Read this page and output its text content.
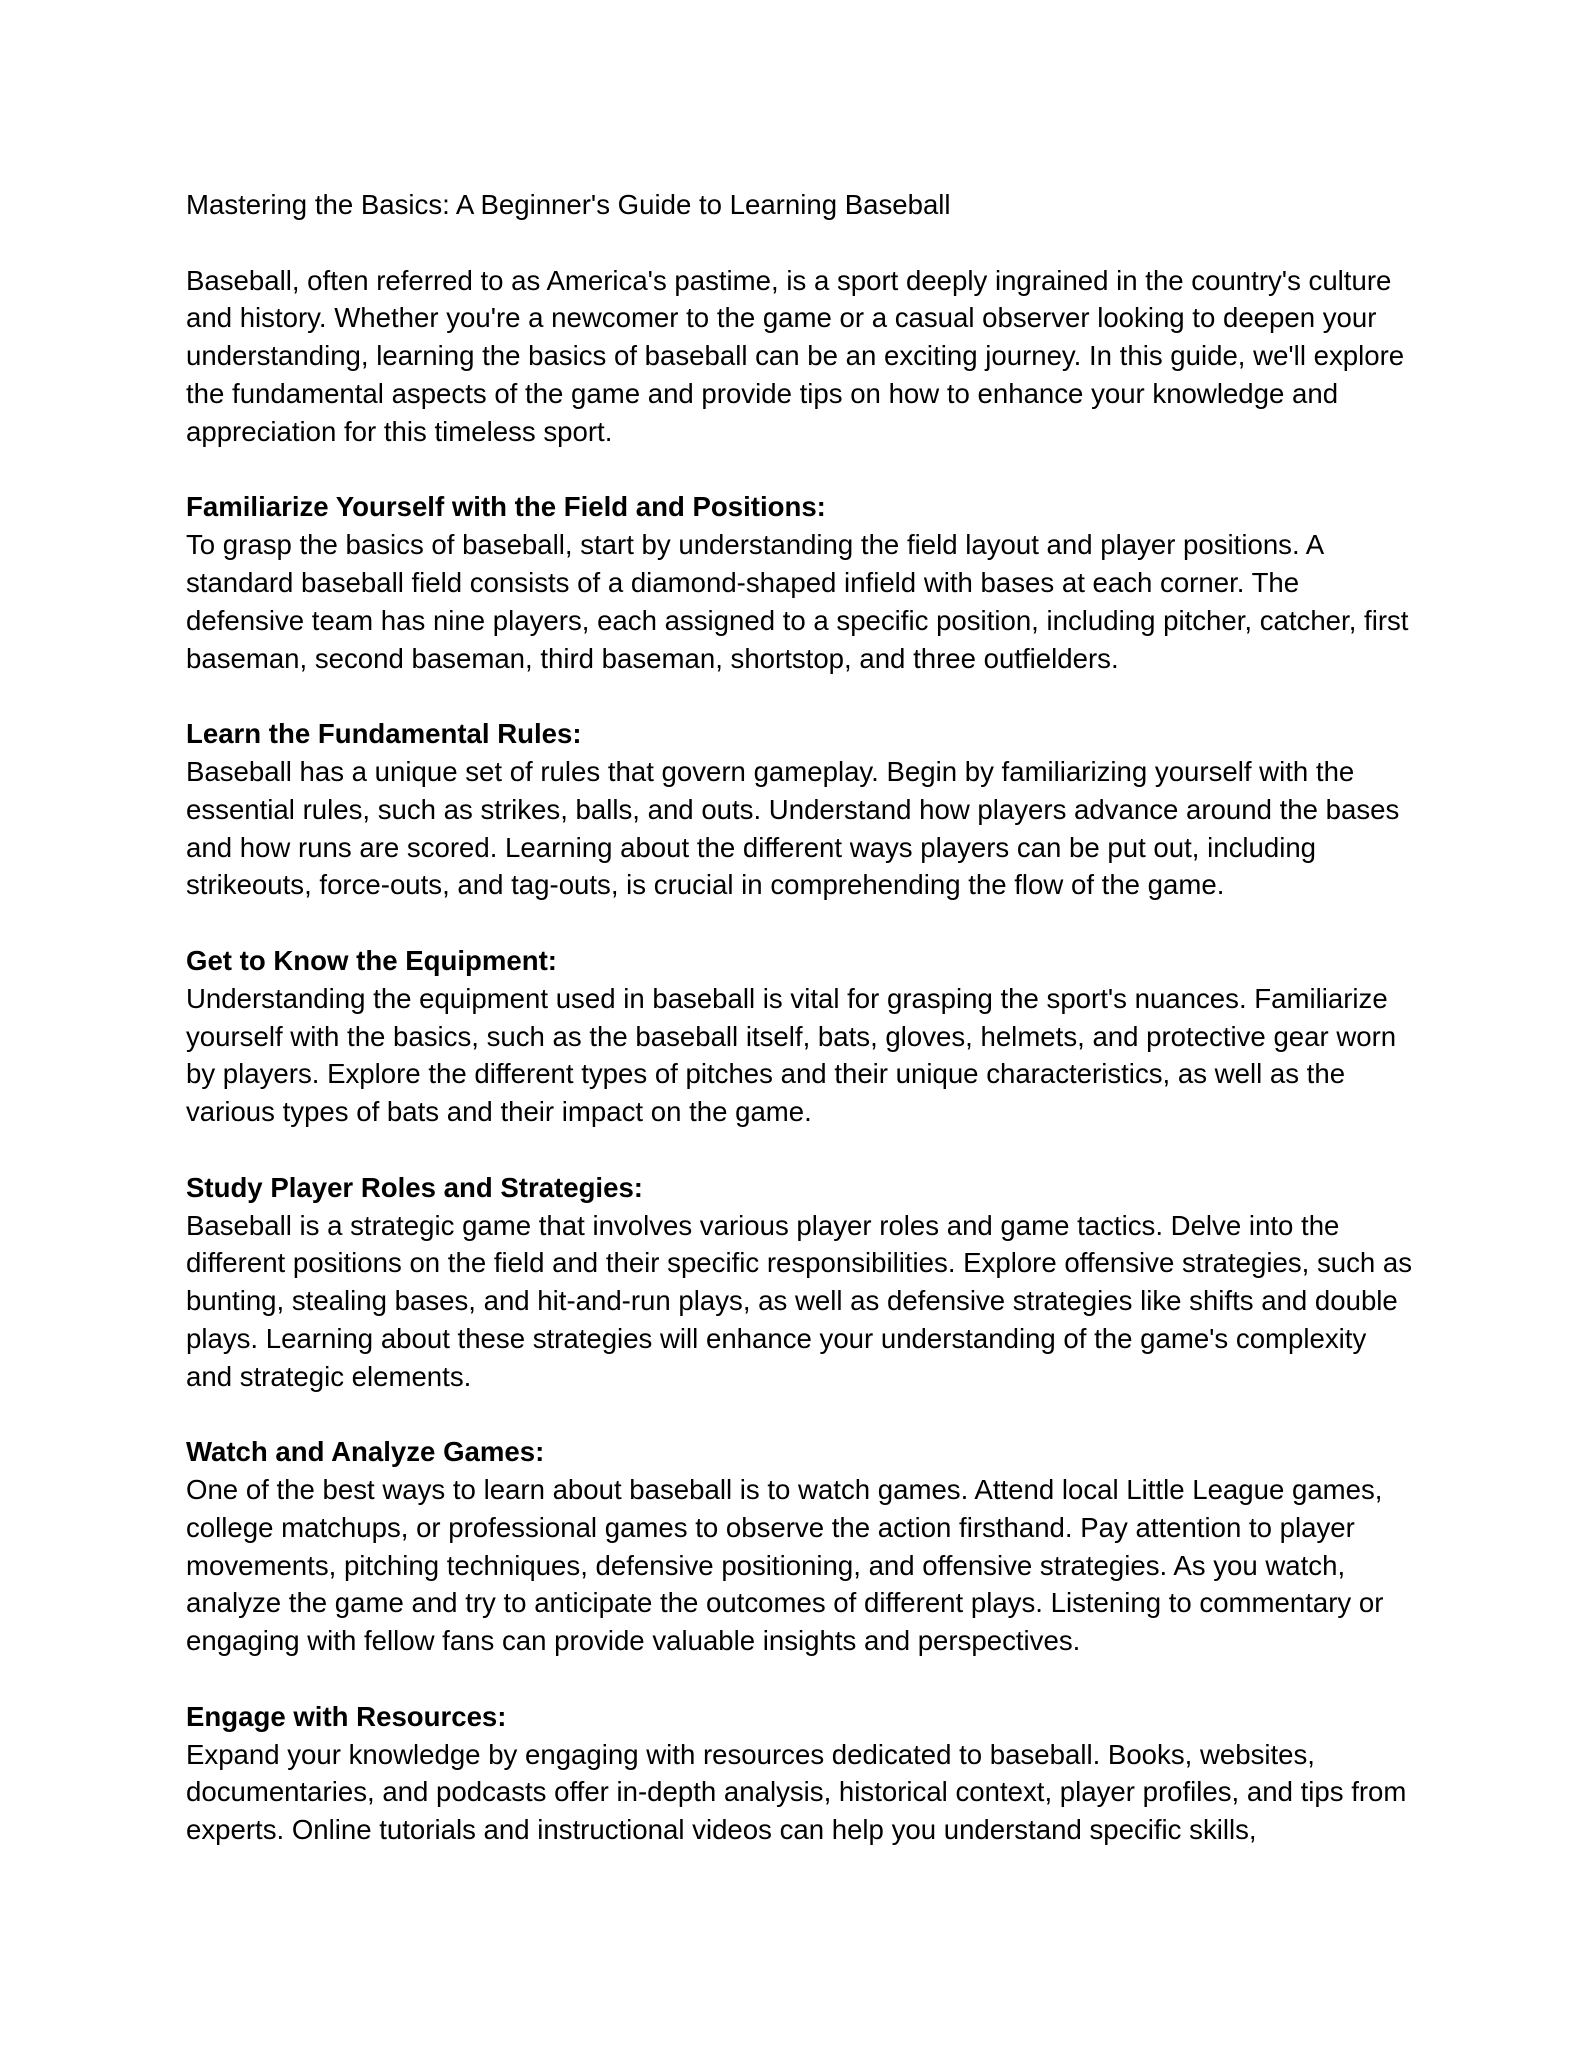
Mastering the Basics: A Beginner's Guide to Learning Baseball

Baseball, often referred to as America's pastime, is a sport deeply ingrained in the country's culture and history. Whether you're a newcomer to the game or a casual observer looking to deepen your understanding, learning the basics of baseball can be an exciting journey. In this guide, we'll explore the fundamental aspects of the game and provide tips on how to enhance your knowledge and appreciation for this timeless sport.

Familiarize Yourself with the Field and Positions:

To grasp the basics of baseball, start by understanding the field layout and player positions. A standard baseball field consists of a diamond-shaped infield with bases at each corner. The defensive team has nine players, each assigned to a specific position, including pitcher, catcher, first baseman, second baseman, third baseman, shortstop, and three outfielders.

Learn the Fundamental Rules:

Baseball has a unique set of rules that govern gameplay. Begin by familiarizing yourself with the essential rules, such as strikes, balls, and outs. Understand how players advance around the bases and how runs are scored. Learning about the different ways players can be put out, including strikeouts, force-outs, and tag-outs, is crucial in comprehending the flow of the game.

Get to Know the Equipment:

Understanding the equipment used in baseball is vital for grasping the sport's nuances. Familiarize yourself with the basics, such as the baseball itself, bats, gloves, helmets, and protective gear worn by players. Explore the different types of pitches and their unique characteristics, as well as the various types of bats and their impact on the game.

Study Player Roles and Strategies:

Baseball is a strategic game that involves various player roles and game tactics. Delve into the different positions on the field and their specific responsibilities. Explore offensive strategies, such as bunting, stealing bases, and hit-and-run plays, as well as defensive strategies like shifts and double plays. Learning about these strategies will enhance your understanding of the game's complexity and strategic elements.

Watch and Analyze Games:

One of the best ways to learn about baseball is to watch games. Attend local Little League games, college matchups, or professional games to observe the action firsthand. Pay attention to player movements, pitching techniques, defensive positioning, and offensive strategies. As you watch, analyze the game and try to anticipate the outcomes of different plays. Listening to commentary or engaging with fellow fans can provide valuable insights and perspectives.

Engage with Resources:

Expand your knowledge by engaging with resources dedicated to baseball. Books, websites, documentaries, and podcasts offer in-depth analysis, historical context, player profiles, and tips from experts. Online tutorials and instructional videos can help you understand specific skills,
